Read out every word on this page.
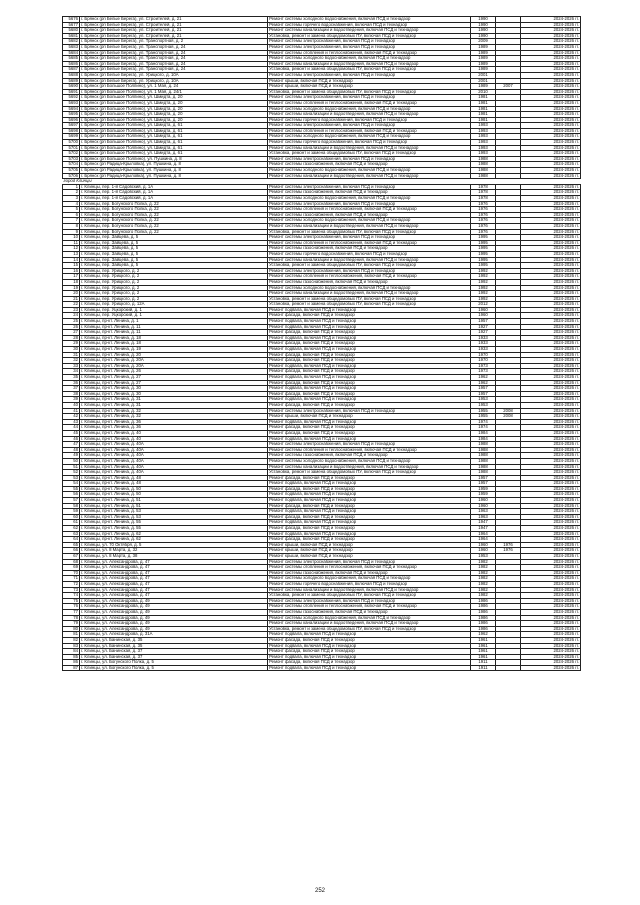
5676	г. Брянск (рп Белые Берега), ул. Строителей, д. 21	Ремонт системы холодного водоснабжения, включая ПСД и технадзор	1990		2024-2026 гг.
5677	г. Брянск (рп Белые Берега), ул. Строителей, д. 21	Ремонт системы горячего водоснабжения, включая ПСД и технадзор	1990		2024-2026 гг.
5680	г. Брянск (рп Белые Берега), ул. Строителей, д. 21	Ремонт системы канализации и водоотведения, включая ПСД и технадзор	1990		2024-2026 гг.
5681	г. Брянск (рп Белые Берега), ул. Строителей, д. 21	Установка, ремонт и замена общедомовых ПУ, включая ПСД и технадзор	1990		2024-2026 гг.
5682	г. Брянск (рп Белые Берега), ул. Транспортная, д. 2	Ремонт системы электроснабжения, включая ПСД и технадзор	2009		2024-2026 гг.
5683	г. Брянск (рп Белые Берега), ул. Транспортная, д. 24	Ремонт системы электроснабжения, включая ПСД и технадзор	1989		2024-2026 гг.
5684	г. Брянск (рп Белые Берега), ул. Транспортная, д. 24	Ремонт системы отопления и теплоснабжения, включая ПСД и технадзор	1989		2024-2026 гг.
5685	г. Брянск (рп Белые Берега), ул. Транспортная, д. 24	Ремонт системы холодного водоснабжения, включая ПСД и технадзор	1989		2024-2026 гг.
5686	г. Брянск (рп Белые Берега), ул. Транспортная, д. 24	Ремонт системы канализации и водоотведения, включая ПСД и технадзор	1989		2024-2026 гг.
5687	г. Брянск (рп Белые Берега), ул. Транспортная, д. 24	Установка, ремонт и замена общедомовых ПУ, включая ПСД и технадзор	1989		2024-2026 гг.
5688	г. Брянск (рп Белые Берега), ул. Урицкого, д. 10А	Ремонт системы электроснабжения, включая ПСД и технадзор	2001		2024-2026 гг.
5689	г. Брянск (рп Белые Берега), ул. Урицкого, д. 10А	Ремонт крыши, включая ПСД и технадзор	2001		2024-2026 гг.
5690	г. Брянск (рп Большое Полпино), ул. 1 Мая, д. 24	Ремонт крыши, включая ПСД и технадзор	1989	2007	2024-2026 гг.
5691	г. Брянск (рп Большое Полпино), ул. 1 Мая, д. 24/1	Установка, ремонт и замена общедомовых ПУ, включая ПСД и технадзор	2010		2024-2026 гг.
5692	г. Брянск (рп Большое Полпино), ул. Шмидта, д. 20	Ремонт системы электроснабжения, включая ПСД и технадзор	1981		2024-2026 гг.
5693	г. Брянск (рп Большое Полпино), ул. Шмидта, д. 20	Ремонт системы отопления и теплоснабжения, включая ПСД и технадзор	1981		2024-2026 гг.
5694	г. Брянск (рп Большое Полпино), ул. Шмидта, д. 20	Ремонт системы холодного водоснабжения, включая ПСД и технадзор	1981		2024-2026 гг.
5695	г. Брянск (рп Большое Полпино), ул. Шмидта, д. 20	Ремонт системы канализации и водоотведения, включая ПСД и технадзор	1981		2024-2026 гг.
5696	г. Брянск (рп Большое Полпино), ул. Шмидта, д. 20	Ремонт системы горячего водоснабжения, включая ПСД и технадзор	1981		2024-2026 гг.
5697	г. Брянск (рп Большое Полпино), ул. Шмидта, д. 61	Ремонт системы электроснабжения, включая ПСД и технадзор	1993		2024-2026 гг.
5698	г. Брянск (рп Большое Полпино), ул. Шмидта, д. 61	Ремонт системы отопления и теплоснабжения, включая ПСД и технадзор	1993		2024-2026 гг.
5699	г. Брянск (рп Большое Полпино), ул. Шмидта, д. 61	Ремонт системы холодного водоснабжения, включая ПСД и технадзор	1993		2024-2026 гг.
5700	г. Брянск (рп Большое Полпино), ул. Шмидта, д. 61	Ремонт системы горячего водоснабжения, включая ПСД и технадзор	1993		2024-2026 гг.
5701	г. Брянск (рп Большое Полпино), ул. Шмидта, д. 61	Ремонт системы канализации и водоотведения, включая ПСД и технадзор	1993		2024-2026 гг.
5702	г. Брянск (рп Большое Полпино), ул. Шмидта, д. 61	Установка, ремонт и замена общедомовых ПУ, включая ПСД и технадзор	1993		2024-2026 гг.
5703	г. Брянск (рп Большое Полпино), ул. Пушкина, д. 8	Ремонт системы электроснабжения, включая ПСД и технадзор	1988		2024-2026 гг.
5704	г. Брянск (рп Радица-Крыловка), ул. Пушкина, д. 8	Ремонт системы газоснабжения, включая ПСД и технадзор	1988		2024-2026 гг.
5705	г. Брянск (рп Радица-Крыловка), ул. Пушкина, д. 8	Ремонт системы холодного водоснабжения, включая ПСД и технадзор	1988		2024-2026 гг.
5706	г. Брянск (рп Радица-Крыловка), ул. Пушкина, д. 8	Ремонт системы канализации и водоотведения, включая ПСД и технадзор	1988		2024-2026 гг.
город Клинцы					
1	г. Клинцы, пер. 1-й Садовский, д. 1А	Ремонт системы электроснабжения, включая ПСД и технадзор	1978		2024-2026 гг.
2	г. Клинцы, пер. 1-й Садовский, д. 1А	Ремонт системы газоснабжения, включая ПСД и технадзор	1978		2024-2026 гг.
3	г. Клинцы, пер. 1-й Садовский, д. 1А	Ремонт системы холодного водоснабжения, включая ПСД и технадзор	1978		2024-2026 гг.
4	г. Клинцы, пер. Богунского Полка, д. 22	Ремонт системы электроснабжения, включая ПСД и технадзор	1976		2024-2026 гг.
5	г. Клинцы, пер. Богунского Полка, д. 22	Ремонт системы отопления и теплоснабжения, включая ПСД и технадзор	1976		2024-2026 гг.
6	г. Клинцы, пер. Богунского Полка, д. 22	Ремонт системы газоснабжения, включая ПСД и технадзор	1976		2024-2026 гг.
7	г. Клинцы, пер. Богунского Полка, д. 22	Ремонт системы холодного водоснабжения, включая ПСД и технадзор	1976		2024-2026 гг.
8	г. Клинцы, пер. Богунского Полка, д. 22	Ремонт системы канализации и водоотведения, включая ПСД и технадзор	1976		2024-2026 гг.
9	г. Клинцы, пер. Богунского Полка, д. 22	Установка, ремонт и замена общедомовых ПУ, включая ПСД и технадзор	1976		2024-2026 гг.
10	г. Клинцы, пер. Зайцева, д. 5	Ремонт системы электроснабжения, включая ПСД и технадзор	1995		2024-2026 гг.
11	г. Клинцы, пер. Зайцева, д. 5	Ремонт системы отопления и теплоснабжения, включая ПСД и технадзор	1995		2024-2026 гг.
12	г. Клинцы, пер. Зайцева, д. 5	Ремонт системы газоснабжения, включая ПСД и технадзор	1995		2024-2026 гг.
13	г. Клинцы, пер. Зайцева, д. 5	Ремонт системы горячего водоснабжения, включая ПСД и технадзор	1995		2024-2026 гг.
14	г. Клинцы, пер. Зайцева, д. 5	Ремонт системы канализации и водоотведения, включая ПСД и технадзор	1995		2024-2026 гг.
15	г. Клинцы, пер. Зайцева, д. 5	Установка, ремонт и замена общедомовых ПУ, включая ПСД и технадзор	1995		2024-2026 гг.
16	г. Клинцы, пер. Урицкого, д. 2	Ремонт системы электроснабжения, включая ПСД и технадзор	1992		2024-2026 гг.
17	г. Клинцы, пер. Урицкого, д. 2	Ремонт системы отопления и теплоснабжения, включая ПСД и технадзор	1992		2024-2026 гг.
18	г. Клинцы, пер. Урицкого, д. 2	Ремонт системы газоснабжения, включая ПСД и технадзор	1992		2024-2026 гг.
19	г. Клинцы, пер. Урицкого, д. 2	Ремонт системы холодного водоснабжения, включая ПСД и технадзор	1992		2024-2026 гг.
20	г. Клинцы, пер. Урицкого, д. 2	Ремонт системы канализации и водоотведения, включая ПСД и технадзор	1992		2024-2026 гг.
21	г. Клинцы, пер. Урицкого, д. 2	Установка, ремонт и замена общедомовых ПУ, включая ПСД и технадзор	1992		2024-2026 гг.
22	г. Клинцы, пер. Урицкого, д. 12А	Установка, ремонт и замена общедомовых ПУ, включая ПСД и технадзор	2012		2024-2026 гг.
23	г. Клинцы, пер. Уцкорский, д. 1	Ремонт подвала, включая ПСД и технадзор	1960		2024-2026 гг.
24	г. Клинцы, пер. Уцкорский, д. 1	Ремонт фасада, включая ПСД и технадзор	1960		2024-2026 гг.
25	г. Клинцы, пр-кт. Ленина, д. 1	Ремонт подвала, включая ПСД и технадзор	1957		2024-2026 гг.
26	г. Клинцы, пр-кт. Ленина, д. 11	Ремонт подвала, включая ПСД и технадзор	1927		2024-2026 гг.
27	г. Клинцы, пр-кт. Ленина, д. 11	Ремонт фасада, включая ПСД и технадзор	1927		2024-2026 гг.
28	г. Клинцы, пр-кт. Ленина, д. 18	Ремонт подвала, включая ПСД и технадзор	1933		2024-2026 гг.
29	г. Клинцы, пр-кт. Ленина, д. 18	Ремонт фасада, включая ПСД и технадзор	1933		2024-2026 гг.
30	г. Клинцы, пр-кт. Ленина, д. 19	Ремонт подвала, включая ПСД и технадзор	1933		2024-2026 гг.
31	г. Клинцы, пр-кт. Ленина, д. 20	Ремонт фасада, включая ПСД и технадзор	1970		2024-2026 гг.
32	г. Клинцы, пр-кт. Ленина, д. 20А	Ремонт фасада, включая ПСД и технадзор	1970		2024-2026 гг.
33	г. Клинцы, пр-кт. Ленина, д. 20А	Ремонт подвала, включая ПСД и технадзор	1973		2024-2026 гг.
34	г. Клинцы, пр-кт. Ленина, д. 26	Ремонт фасада, включая ПСД и технадзор	1973		2024-2026 гг.
35	г. Клинцы, пр-кт. Ленина, д. 27	Ремонт подвала, включая ПСД и технадзор	1962		2024-2026 гг.
36	г. Клинцы, пр-кт. Ленина, д. 27	Ремонт фасада, включая ПСД и технадзор	1962		2024-2026 гг.
37	г. Клинцы, пр-кт. Ленина, д. 30	Ремонт подвала, включая ПСД и технадзор	1957		2024-2026 гг.
38	г. Клинцы, пр-кт. Ленина, д. 30	Ремонт фасада, включая ПСД и технадзор	1957		2024-2026 гг.
39	г. Клинцы, пр-кт. Ленина, д. 31	Ремонт подвала, включая ПСД и технадзор	1953		2024-2026 гг.
40	г. Клинцы, пр-кт. Ленина, д. 31	Ремонт фасада, включая ПСД и технадзор	1953		2024-2026 гг.
41	г. Клинцы, пр-кт. Ленина, д. 32	Ремонт системы электроснабжения, включая ПСД и технадзор	1955	2008	2024-2026 гг.
42	г. Клинцы, пр-кт. Ленина, д. 32	Ремонт крыши, включая ПСД и технадзор	1955	2008	2024-2026 гг.
43	г. Клинцы, пр-кт. Ленина, д. 36	Ремонт подвала, включая ПСД и технадзор	1974		2024-2026 гг.
44	г. Клинцы, пр-кт. Ленина, д. 36	Ремонт фасада, включая ПСД и технадзор	1974		2024-2026 гг.
45	г. Клинцы, пр-кт. Ленина, д. 40	Ремонт фасада, включая ПСД и технадзор	1984		2024-2026 гг.
46	г. Клинцы, пр-кт. Ленина, д. 40	Ремонт подвала, включая ПСД и технадзор	1984		2024-2026 гг.
47	г. Клинцы, пр-кт. Ленина, д. 40А	Ремонт системы электроснабжения, включая ПСД и технадзор	1988		2024-2026 гг.
48	г. Клинцы, пр-кт. Ленина, д. 40А	Ремонт системы отопления и теплоснабжения, включая ПСД и технадзор	1988		2024-2026 гг.
49	г. Клинцы, пр-кт. Ленина, д. 40А	Ремонт системы газоснабжения, включая ПСД и технадзор	1988		2024-2026 гг.
50	г. Клинцы, пр-кт. Ленина, д. 40А	Ремонт системы холодного водоснабжения, включая ПСД и технадзор	1988		2024-2026 гг.
51	г. Клинцы, пр-кт. Ленина, д. 40А	Ремонт системы канализации и водоотведения, включая ПСД и технадзор	1988		2024-2026 гг.
52	г. Клинцы, пр-кт. Ленина, д. 40А	Установка, ремонт и замена общедомовых ПУ, включая ПСД и технадзор	1988		2024-2026 гг.
53	г. Клинцы, пр-кт. Ленина, д. 48	Ремонт фасада, включая ПСД и технадзор	1957		2024-2026 гг.
54	г. Клинцы, пр-кт. Ленина, д. 48	Ремонт подвала, включая ПСД и технадзор	1957		2024-2026 гг.
55	г. Клинцы, пр-кт. Ленина, д. 50	Ремонт фасада, включая ПСД и технадзор	1959		2024-2026 гг.
56	г. Клинцы, пр-кт. Ленина, д. 50	Ремонт подвала, включая ПСД и технадзор	1959		2024-2026 гг.
57	г. Клинцы, пр-кт. Ленина, д. 51	Ремонт подвала, включая ПСД и технадзор	1960		2024-2026 гг.
58	г. Клинцы, пр-кт. Ленина, д. 51	Ремонт фасада, включая ПСД и технадзор	1960		2024-2026 гг.
59	г. Клинцы, пр-кт. Ленина, д. 53	Ремонт подвала, включая ПСД и технадзор	1963		2024-2026 гг.
60	г. Клинцы, пр-кт. Ленина, д. 53	Ремонт фасада, включая ПСД и технадзор	1963		2024-2026 гг.
61	г. Клинцы, пр-кт. Ленина, д. 55	Ремонт подвала, включая ПСД и технадзор	1947		2024-2026 гг.
62	г. Клинцы, пр-кт. Ленина, д. 55	Ремонт фасада, включая ПСД и технадзор	1947		2024-2026 гг.
63	г. Клинцы, пр-кт. Ленина, д. 62	Ремонт подвала, включая ПСД и технадзор	1964		2024-2026 гг.
64	г. Клинцы, пр-кт. Ленина, д. 62	Ремонт фасада, включая ПСД и технадзор	1964		2024-2026 гг.
65	г. Клинцы, ул. 70 Октября, д. 5	Ремонт крыши, включая ПСД и технадзор	1960	1976	2024-2026 гг.
66	г. Клинцы, ул. 8 Марта, д. 32	Ремонт крыши, включая ПСД и технадзор	1960	1976	2024-2026 гг.
67	г. Клинцы, ул. 8 Марта, д. 38	Ремонт крыши, включая ПСД и технадзор	1953		2024-2026 гг.
68	г. Клинцы, ул. Александрова, д. 47	Ремонт системы электроснабжения, включая ПСД и технадзор	1982		2024-2026 гг.
69	г. Клинцы, ул. Александрова, д. 47	Ремонт системы отопления и теплоснабжения, включая ПСД и технадзор	1982		2024-2026 гг.
70	г. Клинцы, ул. Александрова, д. 47	Ремонт системы газоснабжения, включая ПСД и технадзор	1982		2024-2026 гг.
71	г. Клинцы, ул. Александрова, д. 47	Ремонт системы холодного водоснабжения, включая ПСД и технадзор	1982		2024-2026 гг.
72	г. Клинцы, ул. Александрова, д. 47	Ремонт системы горячего водоснабжения, включая ПСД и технадзор	1982		2024-2026 гг.
73	г. Клинцы, ул. Александрова, д. 47	Ремонт системы канализации и водоотведения, включая ПСД и технадзор	1982		2024-2026 гг.
74	г. Клинцы, ул. Александрова, д. 47	Установка, ремонт и замена общедомовых ПУ, включая ПСД и технадзор	1982		2024-2026 гг.
75	г. Клинцы, ул. Александрова, д. 49	Ремонт системы электроснабжения, включая ПСД и технадзор	1986		2024-2026 гг.
76	г. Клинцы, ул. Александрова, д. 49	Ремонт системы отопления и теплоснабжения, включая ПСД и технадзор	1986		2024-2026 гг.
77	г. Клинцы, ул. Александрова, д. 49	Ремонт системы газоснабжения, включая ПСД и технадзор	1986		2024-2026 гг.
78	г. Клинцы, ул. Александрова, д. 49	Ремонт системы холодного водоснабжения, включая ПСД и технадзор	1986		2024-2026 гг.
79	г. Клинцы, ул. Александрова, д. 49	Ремонт системы канализации и водоотведения, включая ПСД и технадзор	1986		2024-2026 гг.
80	г. Клинцы, ул. Александрова, д. 49	Установка, ремонт и замена общедомовых ПУ, включая ПСД и технадзор	1986		2024-2026 гг.
81	г. Клинцы, ул. Александрова, д. 31А	Ремонт подвала, включая ПСД и технадзор	1962		2024-2026 гг.
82	г. Клинцы, ул. Банинская, д. 35	Ремонт фасада, включая ПСД и технадзор	1961		2024-2026 гг.
83	г. Клинцы, ул. Банинская, д. 35	Ремонт подвала, включая ПСД и технадзор	1961		2024-2026 гг.
84	г. Клинцы, ул. Банинская, д. 37	Ремонт фасада, включая ПСД и технадзор	1961		2024-2026 гг.
85	г. Клинцы, ул. Банинская, д. 37	Ремонт подвала, включая ПСД и технадзор	1961		2024-2026 гг.
86	г. Клинцы, ул. Богунского Полка, д. 5	Ремонт фасада, включая ПСД и технадзор	1911		2024-2026 гг.
87	г. Клинцы, ул. Богунского Полка, д. 5	Ремонт подвала, включая ПСД и технадзор	1911		2024-2026 гг.
252
